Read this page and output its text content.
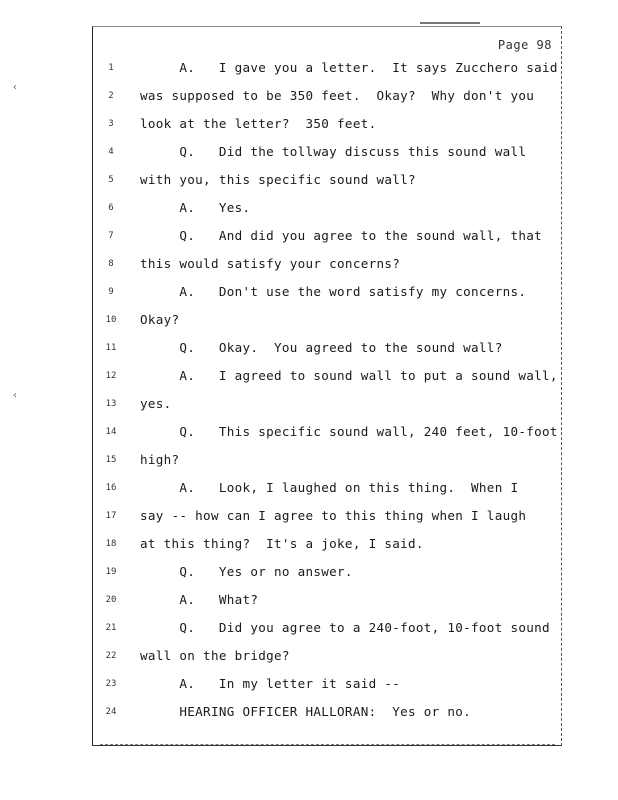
‹
‹
Page 98
1	A.   I gave you a letter.  It says Zucchero said
2	was supposed to be 350 feet.  Okay?  Why don't you
3	look at the letter?  350 feet.
4	Q.   Did the tollway discuss this sound wall
5	with you, this specific sound wall?
6	A.   Yes.
7	Q.   And did you agree to the sound wall, that
8	this would satisfy your concerns?
9	A.   Don't use the word satisfy my concerns.
10	Okay?
11	Q.   Okay.  You agreed to the sound wall?
12	A.   I agreed to sound wall to put a sound wall,
13	yes.
14	Q.   This specific sound wall, 240 feet, 10-foot
15	high?
16	A.   Look, I laughed on this thing.  When I
17	say -- how can I agree to this thing when I laugh
18	at this thing?  It's a joke, I said.
19	Q.   Yes or no answer.
20	A.   What?
21	Q.   Did you agree to a 240-foot, 10-foot sound
22	wall on the bridge?
23	A.   In my letter it said --
24	HEARING OFFICER HALLORAN:  Yes or no.
